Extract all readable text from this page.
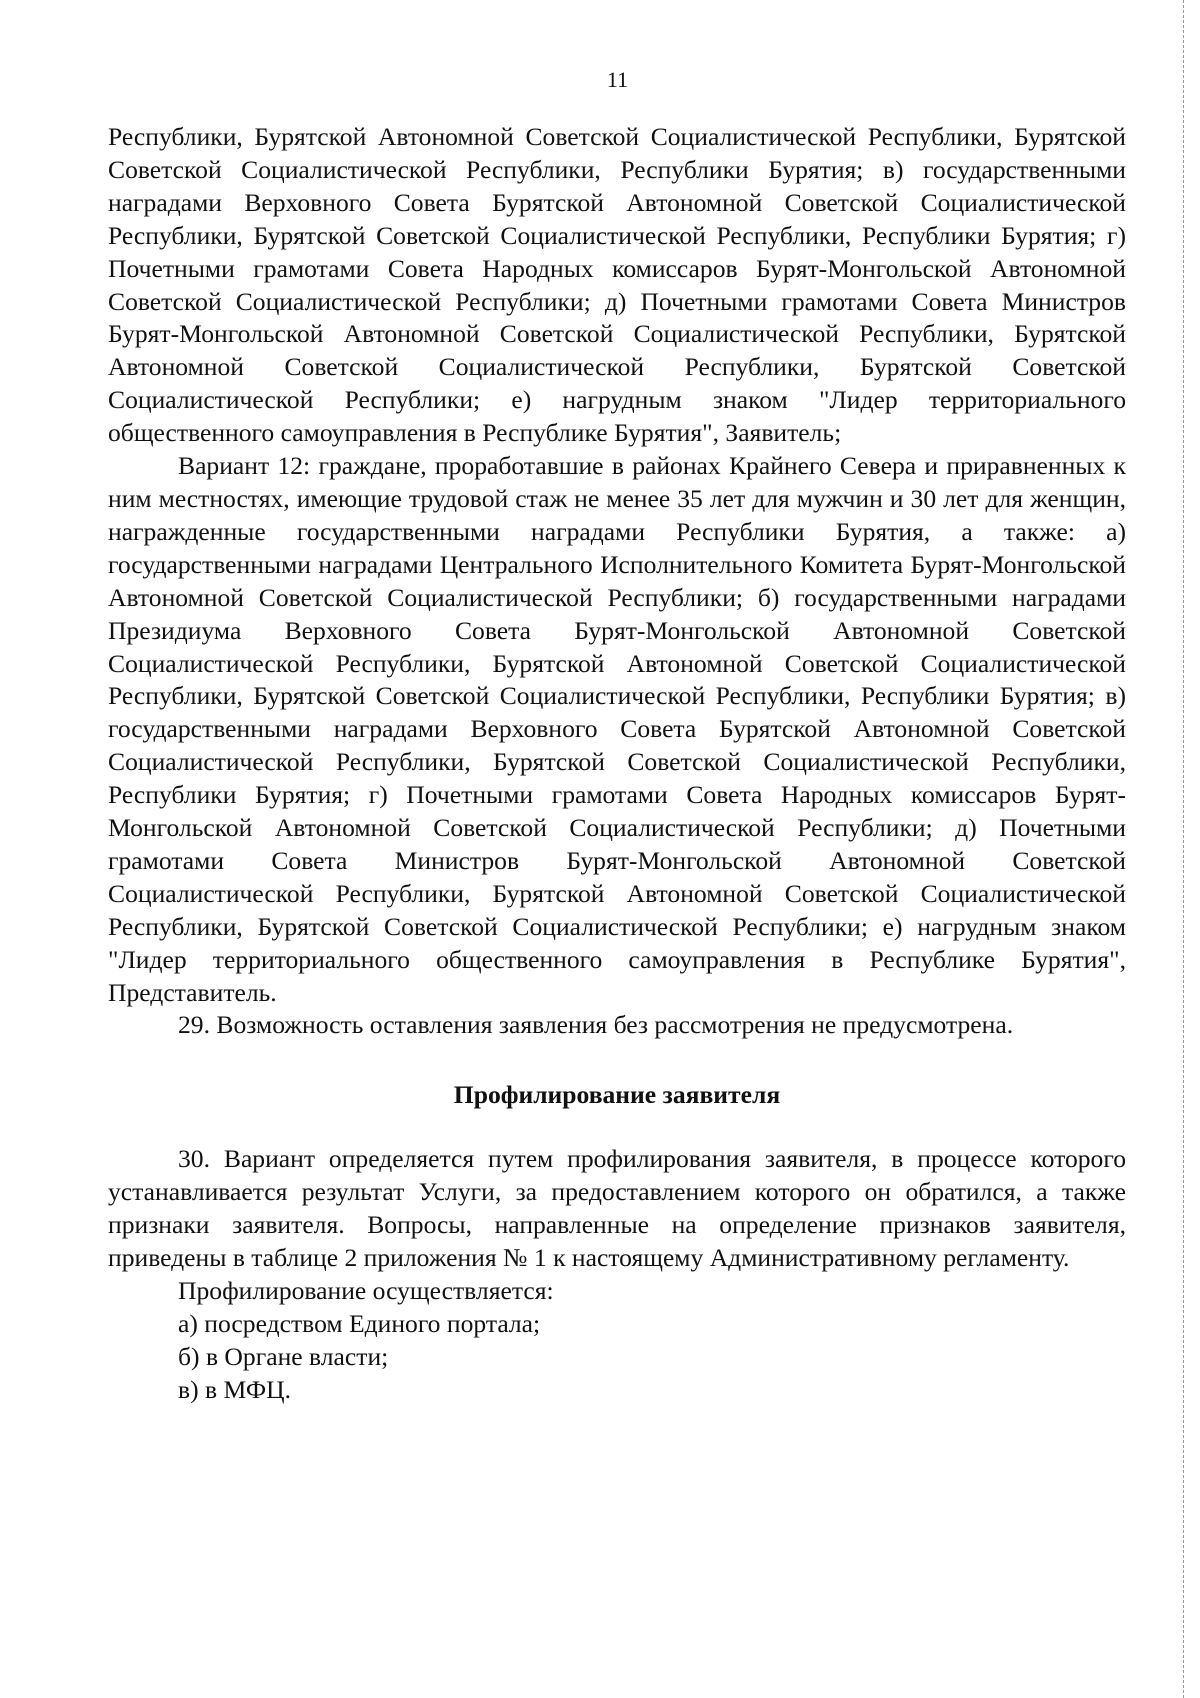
11

Республики, Бурятской Автономной Советской Социалистической Республики, Бурятской Советской Социалистической Республики, Республики Бурятия; в) государственными наградами Верховного Совета Бурятской Автономной Советской Социалистической Республики, Бурятской Советской Социалистической Республики, Республики Бурятия; г) Почетными грамотами Совета Народных комиссаров Бурят-Монгольской Автономной Советской Социалистической Республики; д) Почетными грамотами Совета Министров Бурят-Монгольской Автономной Советской Социалистической Республики, Бурятской Автономной Советской Социалистической Республики, Бурятской Советской Социалистической Республики; е) нагрудным знаком "Лидер территориального общественного самоуправления в Республике Бурятия", Заявитель;

Вариант 12: граждане, проработавшие в районах Крайнего Севера и приравненных к ним местностях, имеющие трудовой стаж не менее 35 лет для мужчин и 30 лет для женщин, награжденные государственными наградами Республики Бурятия, а также: а) государственными наградами Центрального Исполнительного Комитета Бурят-Монгольской Автономной Советской Социалистической Республики; б) государственными наградами Президиума Верховного Совета Бурят-Монгольской Автономной Советской Социалистической Республики, Бурятской Автономной Советской Социалистической Республики, Бурятской Советской Социалистической Республики, Республики Бурятия; в) государственными наградами Верховного Совета Бурятской Автономной Советской Социалистической Республики, Бурятской Советской Социалистической Республики, Республики Бурятия; г) Почетными грамотами Совета Народных комиссаров Бурят-Монгольской Автономной Советской Социалистической Республики; д) Почетными грамотами Совета Министров Бурят-Монгольской Автономной Советской Социалистической Республики, Бурятской Автономной Советской Социалистической Республики, Бурятской Советской Социалистической Республики; е) нагрудным знаком "Лидер территориального общественного самоуправления в Республике Бурятия", Представитель.

29. Возможность оставления заявления без рассмотрения не предусмотрена.

Профилирование заявителя

30. Вариант определяется путем профилирования заявителя, в процессе которого устанавливается результат Услуги, за предоставлением которого он обратился, а также признаки заявителя. Вопросы, направленные на определение признаков заявителя, приведены в таблице 2 приложения № 1 к настоящему Административному регламенту.

Профилирование осуществляется:

а) посредством Единого портала;

б) в Органе власти;

в) в МФЦ.
